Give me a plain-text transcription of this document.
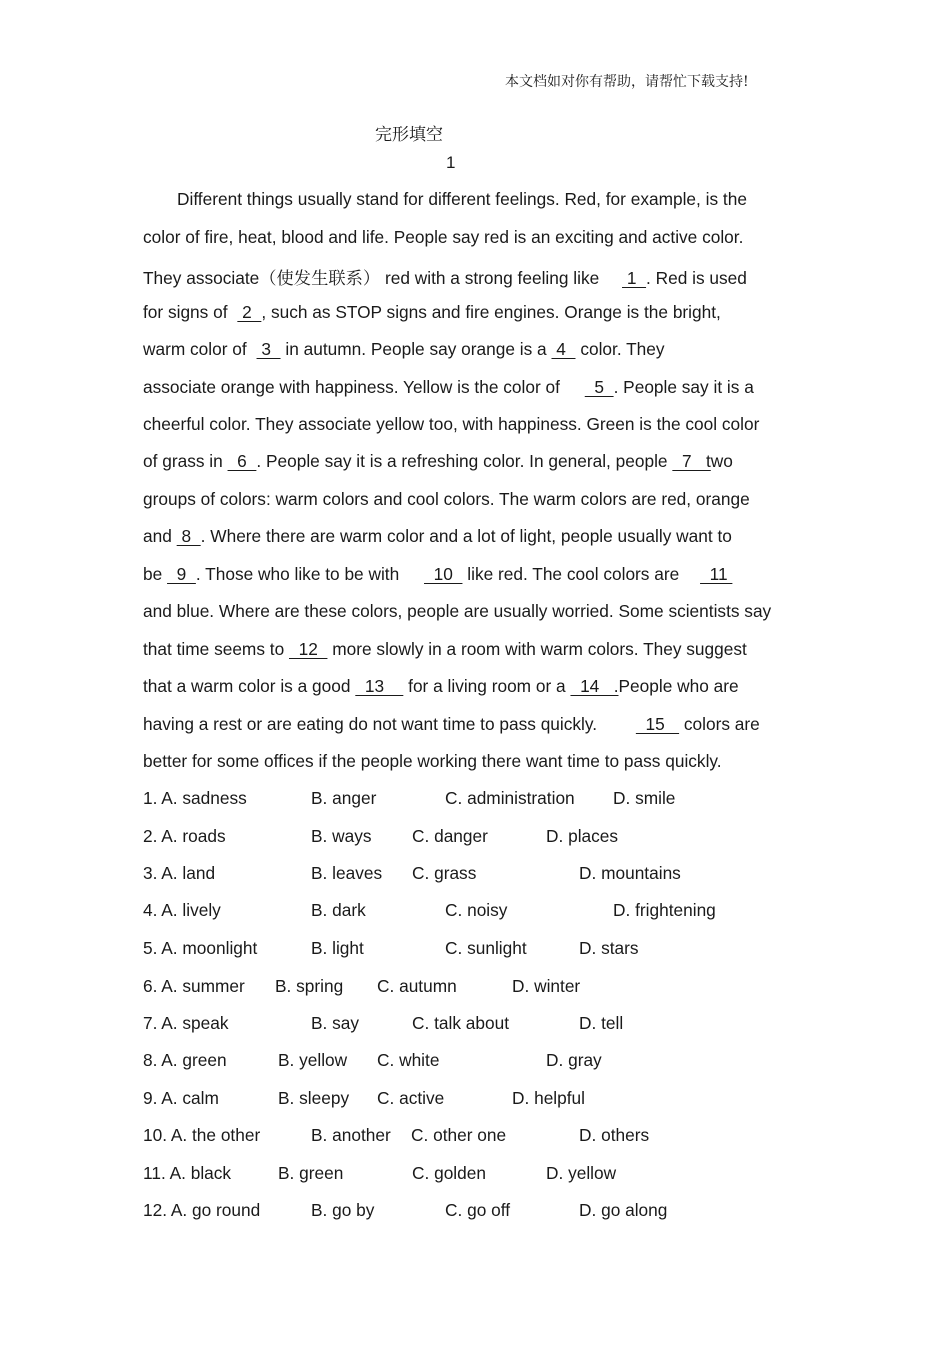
本文档如对你有帮助，请帮忙下载支持!
完形填空
1
Different things usually stand for different feelings. Red, for example, is the
color of fire, heat, blood and life. People say red is an exciting and active color.
They associate（使发生联系） red with a strong feeling like  1  . Red is used
for signs of  2  , such as STOP signs and fire engines. Orange is the bright,
warm color of  3   in autumn. People say orange is a  4   color. They
associate orange with happiness. Yellow is the color of   5  . People say it is a
cheerful color. They associate yellow too, with happiness. Green is the cool color
of grass in   6  . People say it is a refreshing color. In general, people   7   two
groups of colors: warm colors and cool colors. The warm colors are red, orange
and  8  . Where there are warm color and a lot of light, people usually want to
be   9  . Those who like to be with   10   like red. The cool colors are   11
and blue. Where are these colors, people are usually worried. Some scientists say
that time seems to   12   more slowly in a room with warm colors. They suggest
that a warm color is a good   13     for a living room or a   14   .People who are
having a rest or are eating do not want time to pass quickly.   15    colors are
better for some offices if the people working there want time to pass quickly.
1. A. sadness	B. anger	C. administration D. smile
2. A. roads	B. ways C. danger	D. places
3. A. land	B. leaves C. grass	D. mountains
4. A. lively	B. dark	C. noisy	D. frightening
5. A. moonlight	B. light	C. sunlight	D. stars
6. A. summer B. spring C. autumn	D. winter
7. A. speak	B. say	C. talk about	D. tell
8. A. green	B. yellow C. white	D. gray
9. A. calm	B. sleepy C. active	D. helpful
10. A. the other	B. another C. other one	D. others
11. A. black	B. green	C. golden	D. yellow
12. A. go round	B. go by	C. go off	D. go along
